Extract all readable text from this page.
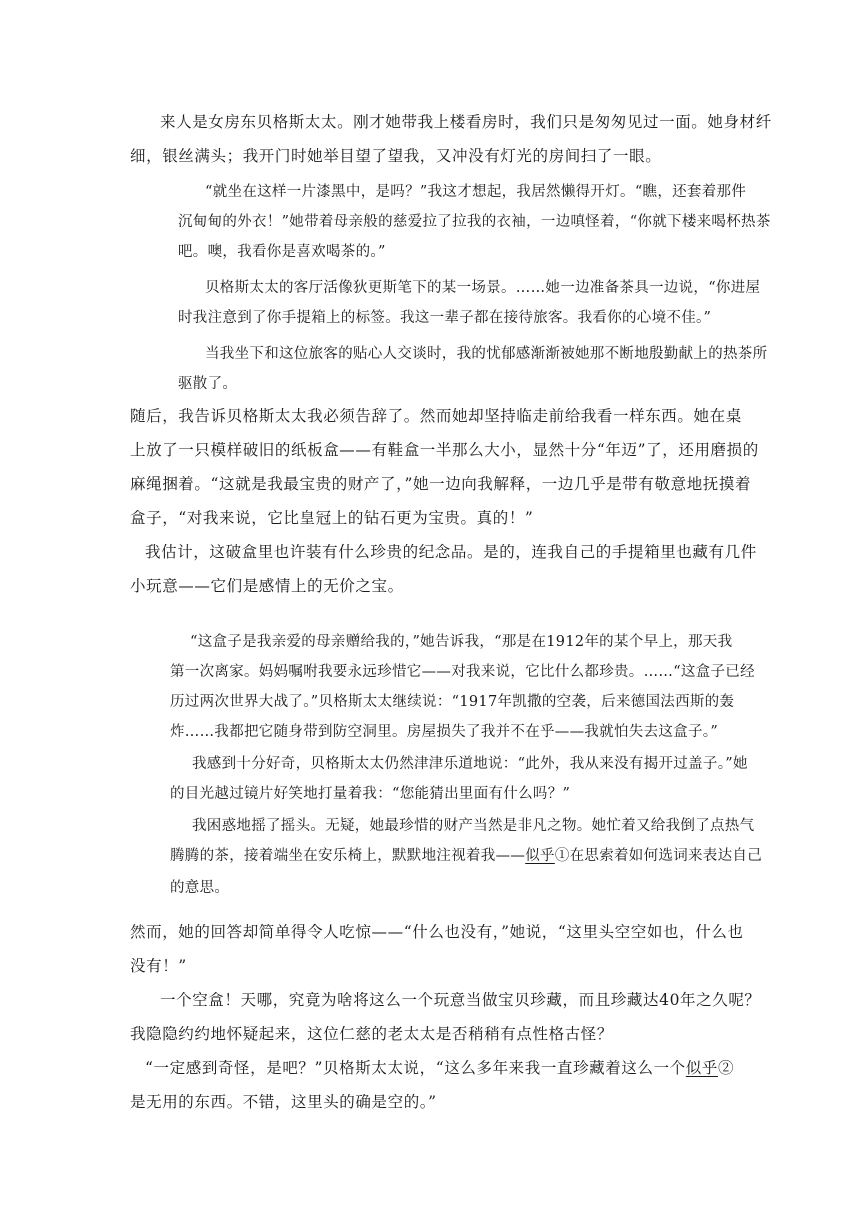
来人是女房东贝格斯太太。刚才她带我上楼看房时，我们只是匆匆见过一面。她身材纤

细，银丝满头；我开门时她举目望了望我，又冲没有灯光的房间扫了一眼。

“就坐在这样一片漆黑中，是吗？”我这才想起，我居然懒得开灯。“瞧，还套着那件

沉甸甸的外衣！”她带着母亲般的慈爱拉了拉我的衣袖，一边嗔怪着，“你就下楼来喝杯热茶

吧。噢，我看你是喜欢喝茶的。”

贝格斯太太的客厅活像狄更斯笔下的某一场景。……她一边准备茶具一边说，“你进屋

时我注意到了你手提箱上的标签。我这一辈子都在接待旅客。我看你的心境不佳。”

当我坐下和这位旅客的贴心人交谈时，我的忧郁感渐渐被她那不断地殷勤献上的热茶所

驱散了。

随后，我告诉贝格斯太太我必须告辞了。然而她却坚持临走前给我看一样东西。她在桌

上放了一只模样破旧的纸板盒——有鞋盒一半那么大小，显然十分“年迈”了，还用磨损的

麻绳捆着。“这就是我最宝贵的财产了，”她一边向我解释，一边几乎是带有敬意地抚摸着

盒子，“对我来说，它比皇冠上的钻石更为宝贵。真的！”

我估计，这破盒里也许装有什么珍贵的纪念品。是的，连我自己的手提箱里也藏有几件

小玩意——它们是感情上的无价之宝。

“这盒子是我亲爱的母亲赠给我的，”她告诉我，“那是在1912年的某个早上，那天我

第一次离家。妈妈嘱咐我要永远珍惜它——对我来说，它比什么都珍贵。……“这盒子已经

历过两次世界大战了。”贝格斯太太继续说：“1917年凯撒的空袭，后来德国法西斯的轰

炸……我都把它随身带到防空洞里。房屋损失了我并不在乎——我就怕失去这盒子。”

我感到十分好奇，贝格斯太太仍然津津乐道地说：“此外，我从来没有揭开过盖子。”她

的目光越过镜片好笑地打量着我：“您能猜出里面有什么吗？”

我困惑地摇了摇头。无疑，她最珍惜的财产当然是非凡之物。她忙着又给我倒了点热气

腾腾的茶，接着端坐在安乐椅上，默默地注视着我——似乎①在思索着如何选词来表达自己

的意思。

然而，她的回答却简单得令人吃惊——“什么也没有，”她说，“这里头空空如也，什么也

没有！”

一个空盒！天哪，究竟为啥将这么一个玩意当做宝贝珍藏，而且珍藏达40年之久呢？

我隐隐约约地怀疑起来，这位仁慈的老太太是否稍稍有点性格古怪？

“一定感到奇怪，是吧？”贝格斯太太说，“这么多年来我一直珍藏着这么一个似乎②

是无用的东西。不错，这里头的确是空的。”
